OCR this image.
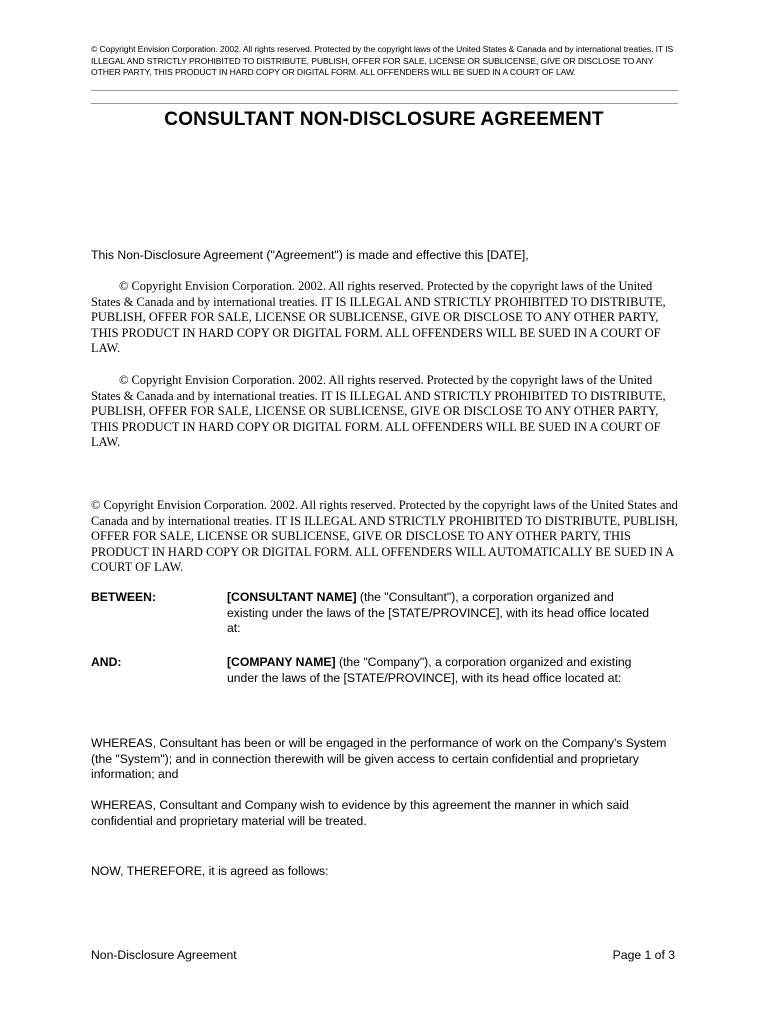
© Copyright Envision Corporation. 2002. All rights reserved. Protected by the copyright laws of the United States & Canada and by international treaties. IT IS ILLEGAL AND STRICTLY PROHIBITED TO DISTRIBUTE, PUBLISH, OFFER FOR SALE, LICENSE OR SUBLICENSE, GIVE OR DISCLOSE TO ANY OTHER PARTY, THIS PRODUCT IN HARD COPY OR DIGITAL FORM. ALL OFFENDERS WILL BE SUED IN A COURT OF LAW.
CONSULTANT NON-DISCLOSURE AGREEMENT
This Non-Disclosure Agreement ("Agreement") is made and effective this [DATE],
© Copyright Envision Corporation. 2002. All rights reserved. Protected by the copyright laws of the United States & Canada and by international treaties. IT IS ILLEGAL AND STRICTLY PROHIBITED TO DISTRIBUTE, PUBLISH, OFFER FOR SALE, LICENSE OR SUBLICENSE, GIVE OR DISCLOSE TO ANY OTHER PARTY, THIS PRODUCT IN HARD COPY OR DIGITAL FORM. ALL OFFENDERS WILL BE SUED IN A COURT OF LAW.
© Copyright Envision Corporation. 2002. All rights reserved. Protected by the copyright laws of the United States & Canada and by international treaties. IT IS ILLEGAL AND STRICTLY PROHIBITED TO DISTRIBUTE, PUBLISH, OFFER FOR SALE, LICENSE OR SUBLICENSE, GIVE OR DISCLOSE TO ANY OTHER PARTY, THIS PRODUCT IN HARD COPY OR DIGITAL FORM. ALL OFFENDERS WILL BE SUED IN A COURT OF LAW.
© Copyright Envision Corporation. 2002. All rights reserved. Protected by the copyright laws of the United States and Canada and by international treaties. IT IS ILLEGAL AND STRICTLY PROHIBITED TO DISTRIBUTE, PUBLISH, OFFER FOR SALE, LICENSE OR SUBLICENSE, GIVE OR DISCLOSE TO ANY OTHER PARTY, THIS PRODUCT IN HARD COPY OR DIGITAL FORM. ALL OFFENDERS WILL AUTOMATICALLY BE SUED IN A COURT OF LAW.
BETWEEN:	[CONSULTANT NAME] (the "Consultant"), a corporation organized and existing under the laws of the [STATE/PROVINCE], with its head office located at:
AND:	[COMPANY NAME] (the "Company"), a corporation organized and existing under the laws of the [STATE/PROVINCE], with its head office located at:
WHEREAS, Consultant has been or will be engaged in the performance of work on the Company's System (the "System"); and in connection therewith will be given access to certain confidential and proprietary information; and
WHEREAS, Consultant and Company wish to evidence by this agreement the manner in which said confidential and proprietary material will be treated.
NOW, THEREFORE, it is agreed as follows:
Non-Disclosure Agreement	Page 1 of 3
